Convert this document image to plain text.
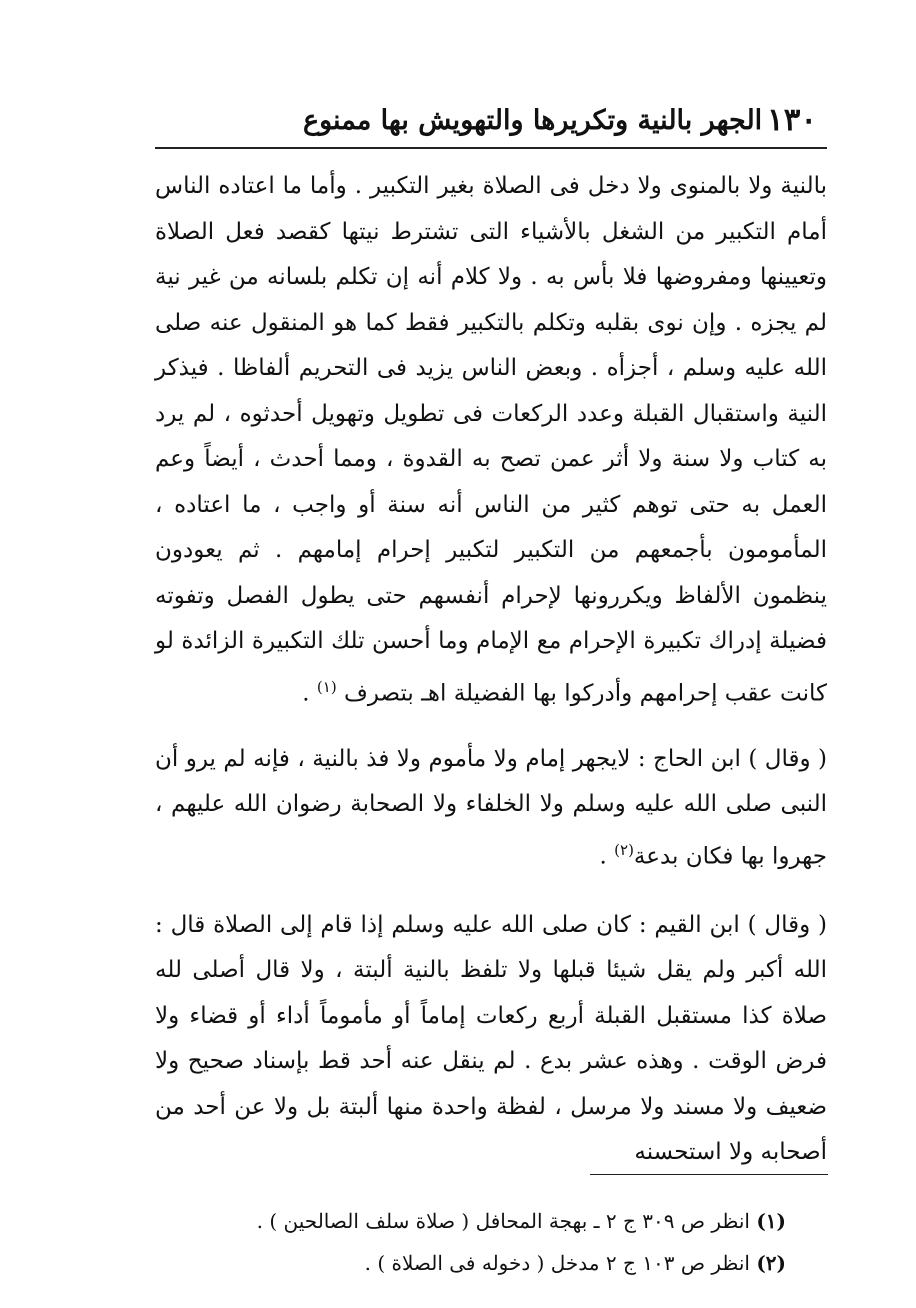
١٣٠
الجهر بالنية وتكريرها والتهويش بها ممنوع

بالنية ولا بالمنوى ولا دخل فى الصلاة بغير التكبير . وأما ما اعتاده الناس أمام التكبير من الشغل بالأشياء التى تشترط نيتها كقصد فعل الصلاة وتعيينها ومفروضها فلا بأس به . ولا كلام أنه إن تكلم بلسانه من غير نية لم يجزه . وإن نوى بقلبه وتكلم بالتكبير فقط كما هو المنقول عنه صلى الله عليه وسلم ، أجزأه . وبعض الناس يزيد فى التحريم ألفاظا . فيذكر النية واستقبال القبلة وعدد الركعات فى تطويل وتهويل أحدثوه ، لم يرد به كتاب ولا سنة ولا أثر عمن تصح به القدوة ، ومما أحدث ، أيضاً وعم العمل به حتى توهم كثير من الناس أنه سنة أو واجب ، ما اعتاده ، المأمومون بأجمعهم من التكبير لتكبير إحرام إمامهم . ثم يعودون ينظمون الألفاظ ويكررونها لإحرام أنفسهم حتى يطول الفصل وتفوته فضيلة إدراك تكبيرة الإحرام مع الإمام وما أحسن تلك التكبيرة الزائدة لو كانت عقب إحرامهم وأدركوا بها الفضيلة اهـ بتصرف $^{(١)}$ .

( وقال ) ابن الحاج : لايجهر إمام ولا مأموم ولا فذ بالنية ، فإنه لم يرو أن النبى صلى الله عليه وسلم ولا الخلفاء ولا الصحابة رضوان الله عليهم ، جهروا بها فكان بدعة$^{(٢)}$ .

( وقال ) ابن القيم : كان صلى الله عليه وسلم إذا قام إلى الصلاة قال : الله أكبر ولم يقل شيئا قبلها ولا تلفظ بالنية ألبتة ، ولا قال أصلى لله صلاة كذا مستقبل القبلة أربع ركعات إماماً أو مأموماً أداء أو قضاء ولا فرض الوقت . وهذه عشر بدع . لم ينقل عنه أحد قط بإسناد صحيح ولا ضعيف ولا مسند ولا مرسل ، لفظة واحدة منها ألبتة بل ولا عن أحد من أصحابه ولا استحسنه

(١) انظر ص ٣٠٩ ج ٢ ـ بهجة المحافل ( صلاة سلف الصالحين ) .

(٢) انظر ص ١٠٣ ج ٢ مدخل ( دخوله فى الصلاة ) .
